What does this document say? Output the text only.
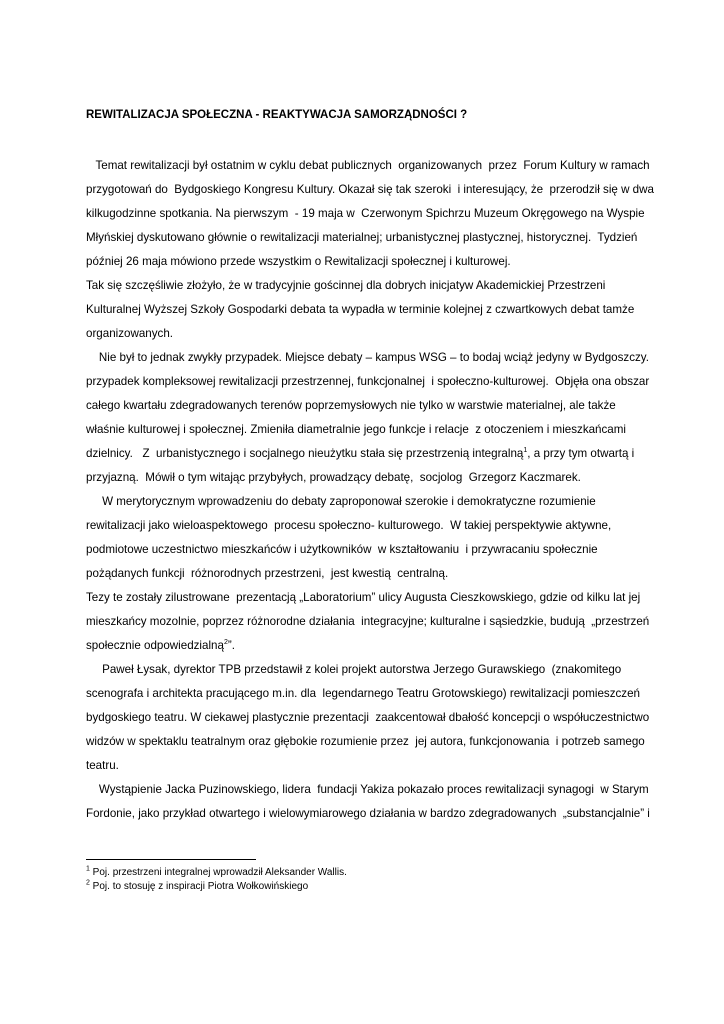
REWITALIZACJA SPOŁECZNA - REAKTYWACJA SAMORZĄDNOŚCI ?
Temat rewitalizacji był ostatnim w cyklu debat publicznych  organizowanych  przez  Forum Kultury w ramach
przygotowań do  Bydgoskiego Kongresu Kultury. Okazał się tak szeroki  i interesujący, że  przerodził się w dwa
kilkugodzinne spotkania. Na pierwszym  - 19 maja w  Czerwonym Spichrzu Muzeum Okręgowego na Wyspie
Młyńskiej dyskutowano głównie o rewitalizacji materialnej; urbanistycznej plastycznej, historycznej.  Tydzień
później 26 maja mówiono przede wszystkim o Rewitalizacji społecznej i kulturowej.
Tak się szczęśliwie złożyło, że w tradycyjnie gościnnej dla dobrych inicjatyw Akademickiej Przestrzeni
Kulturalnej Wyższej Szkoły Gospodarki debata ta wypadła w terminie kolejnej z czwartkowych debat tamże
organizowanych.
Nie był to jednak zwykły przypadek. Miejsce debaty – kampus WSG – to bodaj wciąż jedyny w Bydgoszczy.
przypadek kompleksowej rewitalizacji przestrzennej, funkcjonalnej  i społeczno-kulturowej.  Objęła ona obszar
całego kwartału zdegradowanych terenów poprzemysłowych nie tylko w warstwie materialnej, ale także
właśnie kulturowej i społecznej. Zmieniła diametralnie jego funkcje i relacje  z otoczeniem i mieszkańcami
dzielnicy.   Z  urbanistycznego i socjalnego nieużytku stała się przestrzenią integralną$^1$, a przy tym otwartą i
przyjazną.  Mówił o tym witając przybyłych, prowadzący debatę,  socjolog  Grzegorz Kaczmarek.
W merytorycznym wprowadzeniu do debaty zaproponował szerokie i demokratyczne rozumienie
rewitalizacji jako wieloaspektowego  procesu społeczno- kulturowego.  W takiej perspektywie aktywne,
podmiotowe uczestnictwo mieszkańców i użytkowników  w kształtowaniu  i przywracaniu społecznie
pożądanych funkcji  różnorodnych przestrzeni,  jest kwestią  centralną.
Tezy te zostały zilustrowane  prezentacją „Laboratorium” ulicy Augusta Cieszkowskiego, gdzie od kilku lat jej
mieszkańcy mozolnie, poprzez różnorodne działania  integracyjne; kulturalne i sąsiedzkie, budują  „przestrzeń
społecznie odpowiedzialną$^2$”.
Paweł Łysak, dyrektor TPB przedstawił z kolei projekt autorstwa Jerzego Gurawskiego  (znakomitego
scenografa i architekta pracującego m.in. dla  legendarnego Teatru Grotowskiego) rewitalizacji pomieszczeń
bydgoskiego teatru. W ciekawej plastycznie prezentacji  zaakcentował dbałość koncepcji o współuczestnictwo
widzów w spektaklu teatralnym oraz głębokie rozumienie przez  jej autora, funkcjonowania  i potrzeb samego
teatru.
Wystąpienie Jacka Puzinowskiego, lidera  fundacji Yakiza pokazało proces rewitalizacji synagogi  w Starym
Fordonie, jako przykład otwartego i wielowymiarowego działania w bardzo zdegradowanych  „substancjalnie” i
$^1$ Poj. przestrzeni integralnej wprowadził Aleksander Wallis.
$^2$ Poj. to stosuję z inspiracji Piotra Wołkowińskiego
